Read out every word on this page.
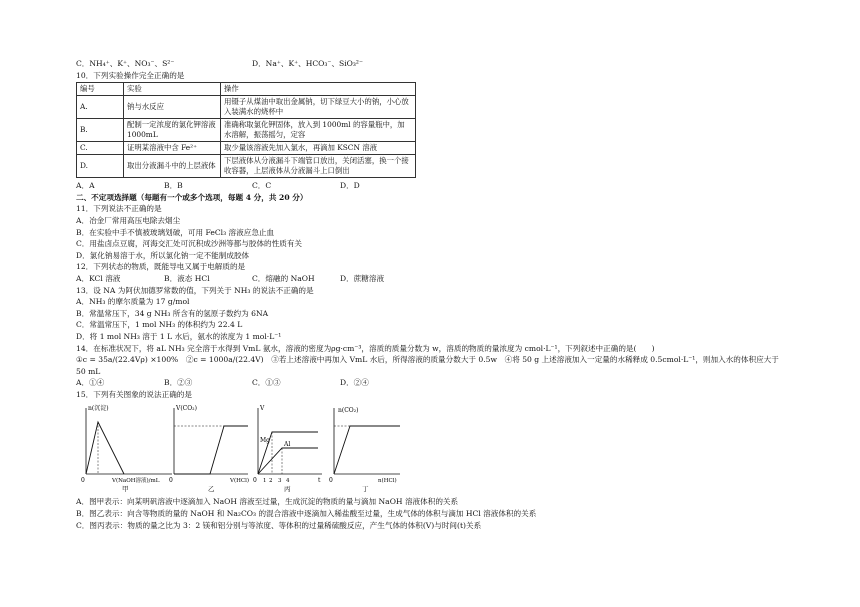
C．NH₄⁺、K⁺、NO₃⁻、S²⁻	D．Na⁺、K⁺、HCO₃⁻、SiO₃²⁻
10．下列实验操作完全正确的是
编号	实验	操作
A.	钠与水反应	用镊子从煤油中取出金属钠，切下绿豆大小的钠，小心放入装满水的烧杯中
B.	配制一定浓度的氯化钾溶液 1000mL	准确称取氯化钾固体，放入到 1000ml 的容量瓶中，加水溶解，振荡摇匀，定容
C.	证明某溶液中含 Fe²⁺	取少量该溶液先加入氯水，再滴加 KSCN 溶液
D.	取出分液漏斗中的上层液体	下层液体从分液漏斗下端管口放出，关闭活塞，换一个接收容器，上层液体从分液漏斗上口倒出
A．A	B．B	C．C	D．D
二、不定项选择题（每题有一个或多个选项，每题 4 分，共 20 分）
11．下列说法不正确的是
A．冶金厂常用高压电除去烟尘
B．在实验中手不慎被玻璃划破，可用 FeCl₃ 溶液应急止血
C．用盐卤点豆腐，河海交汇处可沉积成沙洲等都与胶体的性质有关
D．氯化钠易溶于水，所以氯化钠一定不能制成胶体
12．下列状态的物质，既能导电又属于电解质的是
A．KCl 溶液	B．液态 HCl	C．熔融的 NaOH	D．蔗糖溶液
13．设 NA 为阿伏加德罗常数的值，下列关于 NH₃ 的说法不正确的是
A．NH₃ 的摩尔质量为 17 g/mol
B．常温常压下，34 g NH₃ 所含有的氢原子数约为 6NA
C．常温常压下，1 mol NH₃ 的体积约为 22.4 L
D．将 1 mol NH₃ 溶于 1 L 水后，氨水的浓度为 1 mol·L⁻¹
14．在标准状况下，将 aL NH₃ 完全溶于水得到 VmL 氨水，溶液的密度为ρg·cm⁻³，溶质的质量分数为 w，溶质的物质的量浓度为 cmol·L⁻¹，下列叙述中正确的是(　　)
①c = 35a/(22.4Vρ) ×100%　②c = 1000a/(22.4V)　③若上述溶液中再加入 VmL 水后，所得溶液的质量分数大于 0.5w　④将 50 g 上述溶液加入一定量的水稀释成 0.5cmol·L⁻¹，则加入水的体积应大于
50 mL
A．①④	B．②③	C．①③	D．②④
15．下列有关图象的说法正确的是
n(沉淀)
0	V(NaOH溶液)/mL
甲
V(CO₂)
0	V(HCl)
乙
V
Mg
Al
0 1 2 3 4	t
丙
n(CO₂)
0	n(HCl)
丁
A．图甲表示：向某明矾溶液中逐滴加入 NaOH 溶液至过量，生成沉淀的物质的量与滴加 NaOH 溶液体积的关系
B．图乙表示：向含等物质的量的 NaOH 和 Na₂CO₃ 的混合溶液中逐滴加入稀盐酸至过量，生成气体的体积与滴加 HCl 溶液体积的关系
C．图丙表示：物质的量之比为 3：2 镁和铝分别与等浓度、等体积的过量稀硫酸反应，产生气体的体积(V)与时间(t)关系
